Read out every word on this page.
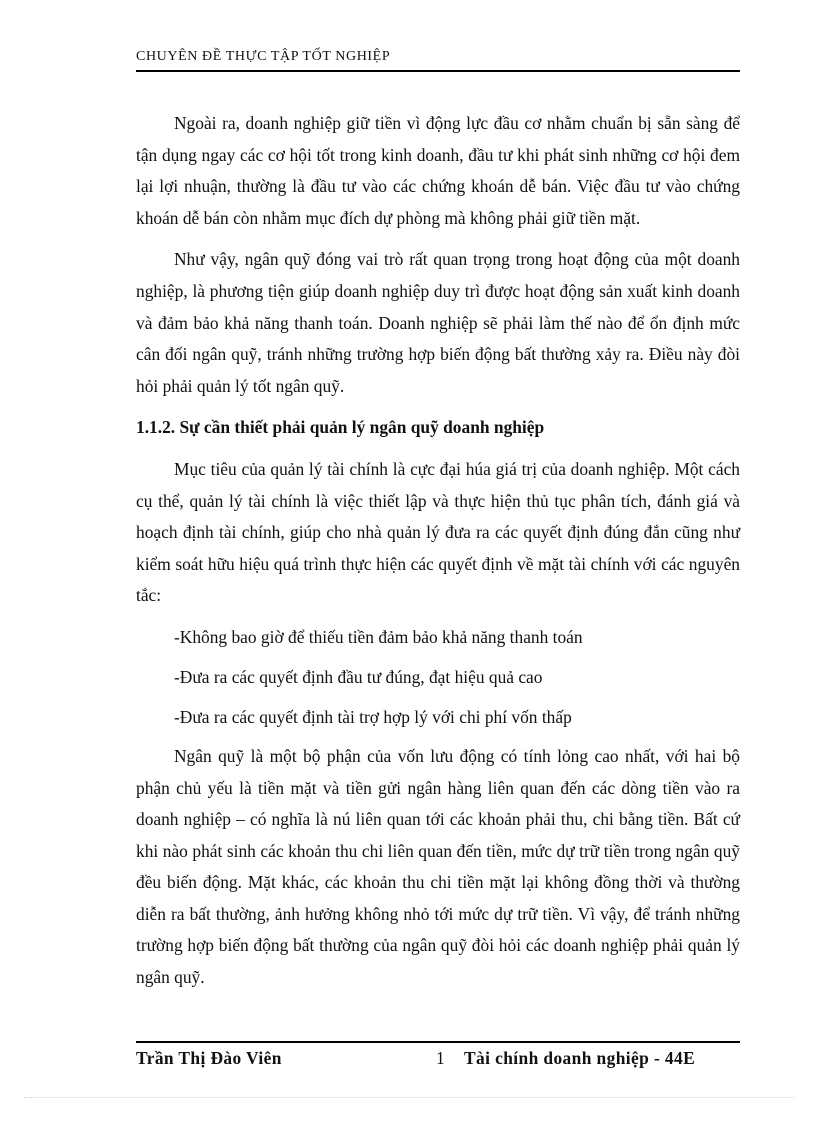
CHUYÊN ĐỀ THỰC TẬP TỐT NGHIỆP

Ngoài ra, doanh nghiệp giữ tiền vì động lực đầu cơ nhằm chuẩn bị sẵn sàng để tận dụng ngay các cơ hội tốt trong kinh doanh, đầu tư khi phát sinh những cơ hội đem lại lợi nhuận, thường là đầu tư vào các chứng khoán dễ bán. Việc đầu tư vào chứng khoán dễ bán còn nhằm mục đích dự phòng mà không phải giữ tiền mặt.

Như vậy, ngân quỹ đóng vai trò rất quan trọng trong hoạt động của một doanh nghiệp, là phương tiện giúp doanh nghiệp duy trì được hoạt động sản xuất kinh doanh và đảm bảo khả năng thanh toán. Doanh nghiệp sẽ phải làm thế nào để ổn định mức cân đối ngân quỹ, tránh những trường hợp biến động bất thường xảy ra. Điều này đòi hỏi phải quản lý tốt ngân quỹ.

1.1.2. Sự cần thiết phải quản lý ngân quỹ doanh nghiệp

Mục tiêu của quản lý tài chính là cực đại húa giá trị của doanh nghiệp. Một cách cụ thể, quản lý tài chính là việc thiết lập và thực hiện thủ tục phân tích, đánh giá và hoạch định tài chính, giúp cho nhà quản lý đưa ra các quyết định đúng đắn cũng như kiểm soát hữu hiệu quá trình thực hiện các quyết định về mặt tài chính với các nguyên tắc:

-Không bao giờ để thiếu tiền đảm bảo khả năng thanh toán
-Đưa ra các quyết định đầu tư đúng, đạt hiệu quả cao
-Đưa ra các quyết định tài trợ hợp lý với chi phí vốn thấp

Ngân quỹ là một bộ phận của vốn lưu động có tính lỏng cao nhất, với hai bộ phận chủ yếu là tiền mặt và tiền gửi ngân hàng liên quan đến các dòng tiền vào ra doanh nghiệp – có nghĩa là nú liên quan tới các khoản phải thu, chi bằng tiền. Bất cứ khi nào phát sinh các khoản thu chi liên quan đến tiền, mức dự trữ tiền trong ngân quỹ đều biến động. Mặt khác, các khoản thu chi tiền mặt lại không đồng thời và thường diễn ra bất thường, ảnh hưởng không nhỏ tới mức dự trữ tiền. Vì vậy, để tránh những trường hợp biến động bất thường của ngân quỹ đòi hỏi các doanh nghiệp phải quản lý ngân quỹ.

Trần Thị Đào Viên	1 Tài chính doanh nghiệp - 44E
